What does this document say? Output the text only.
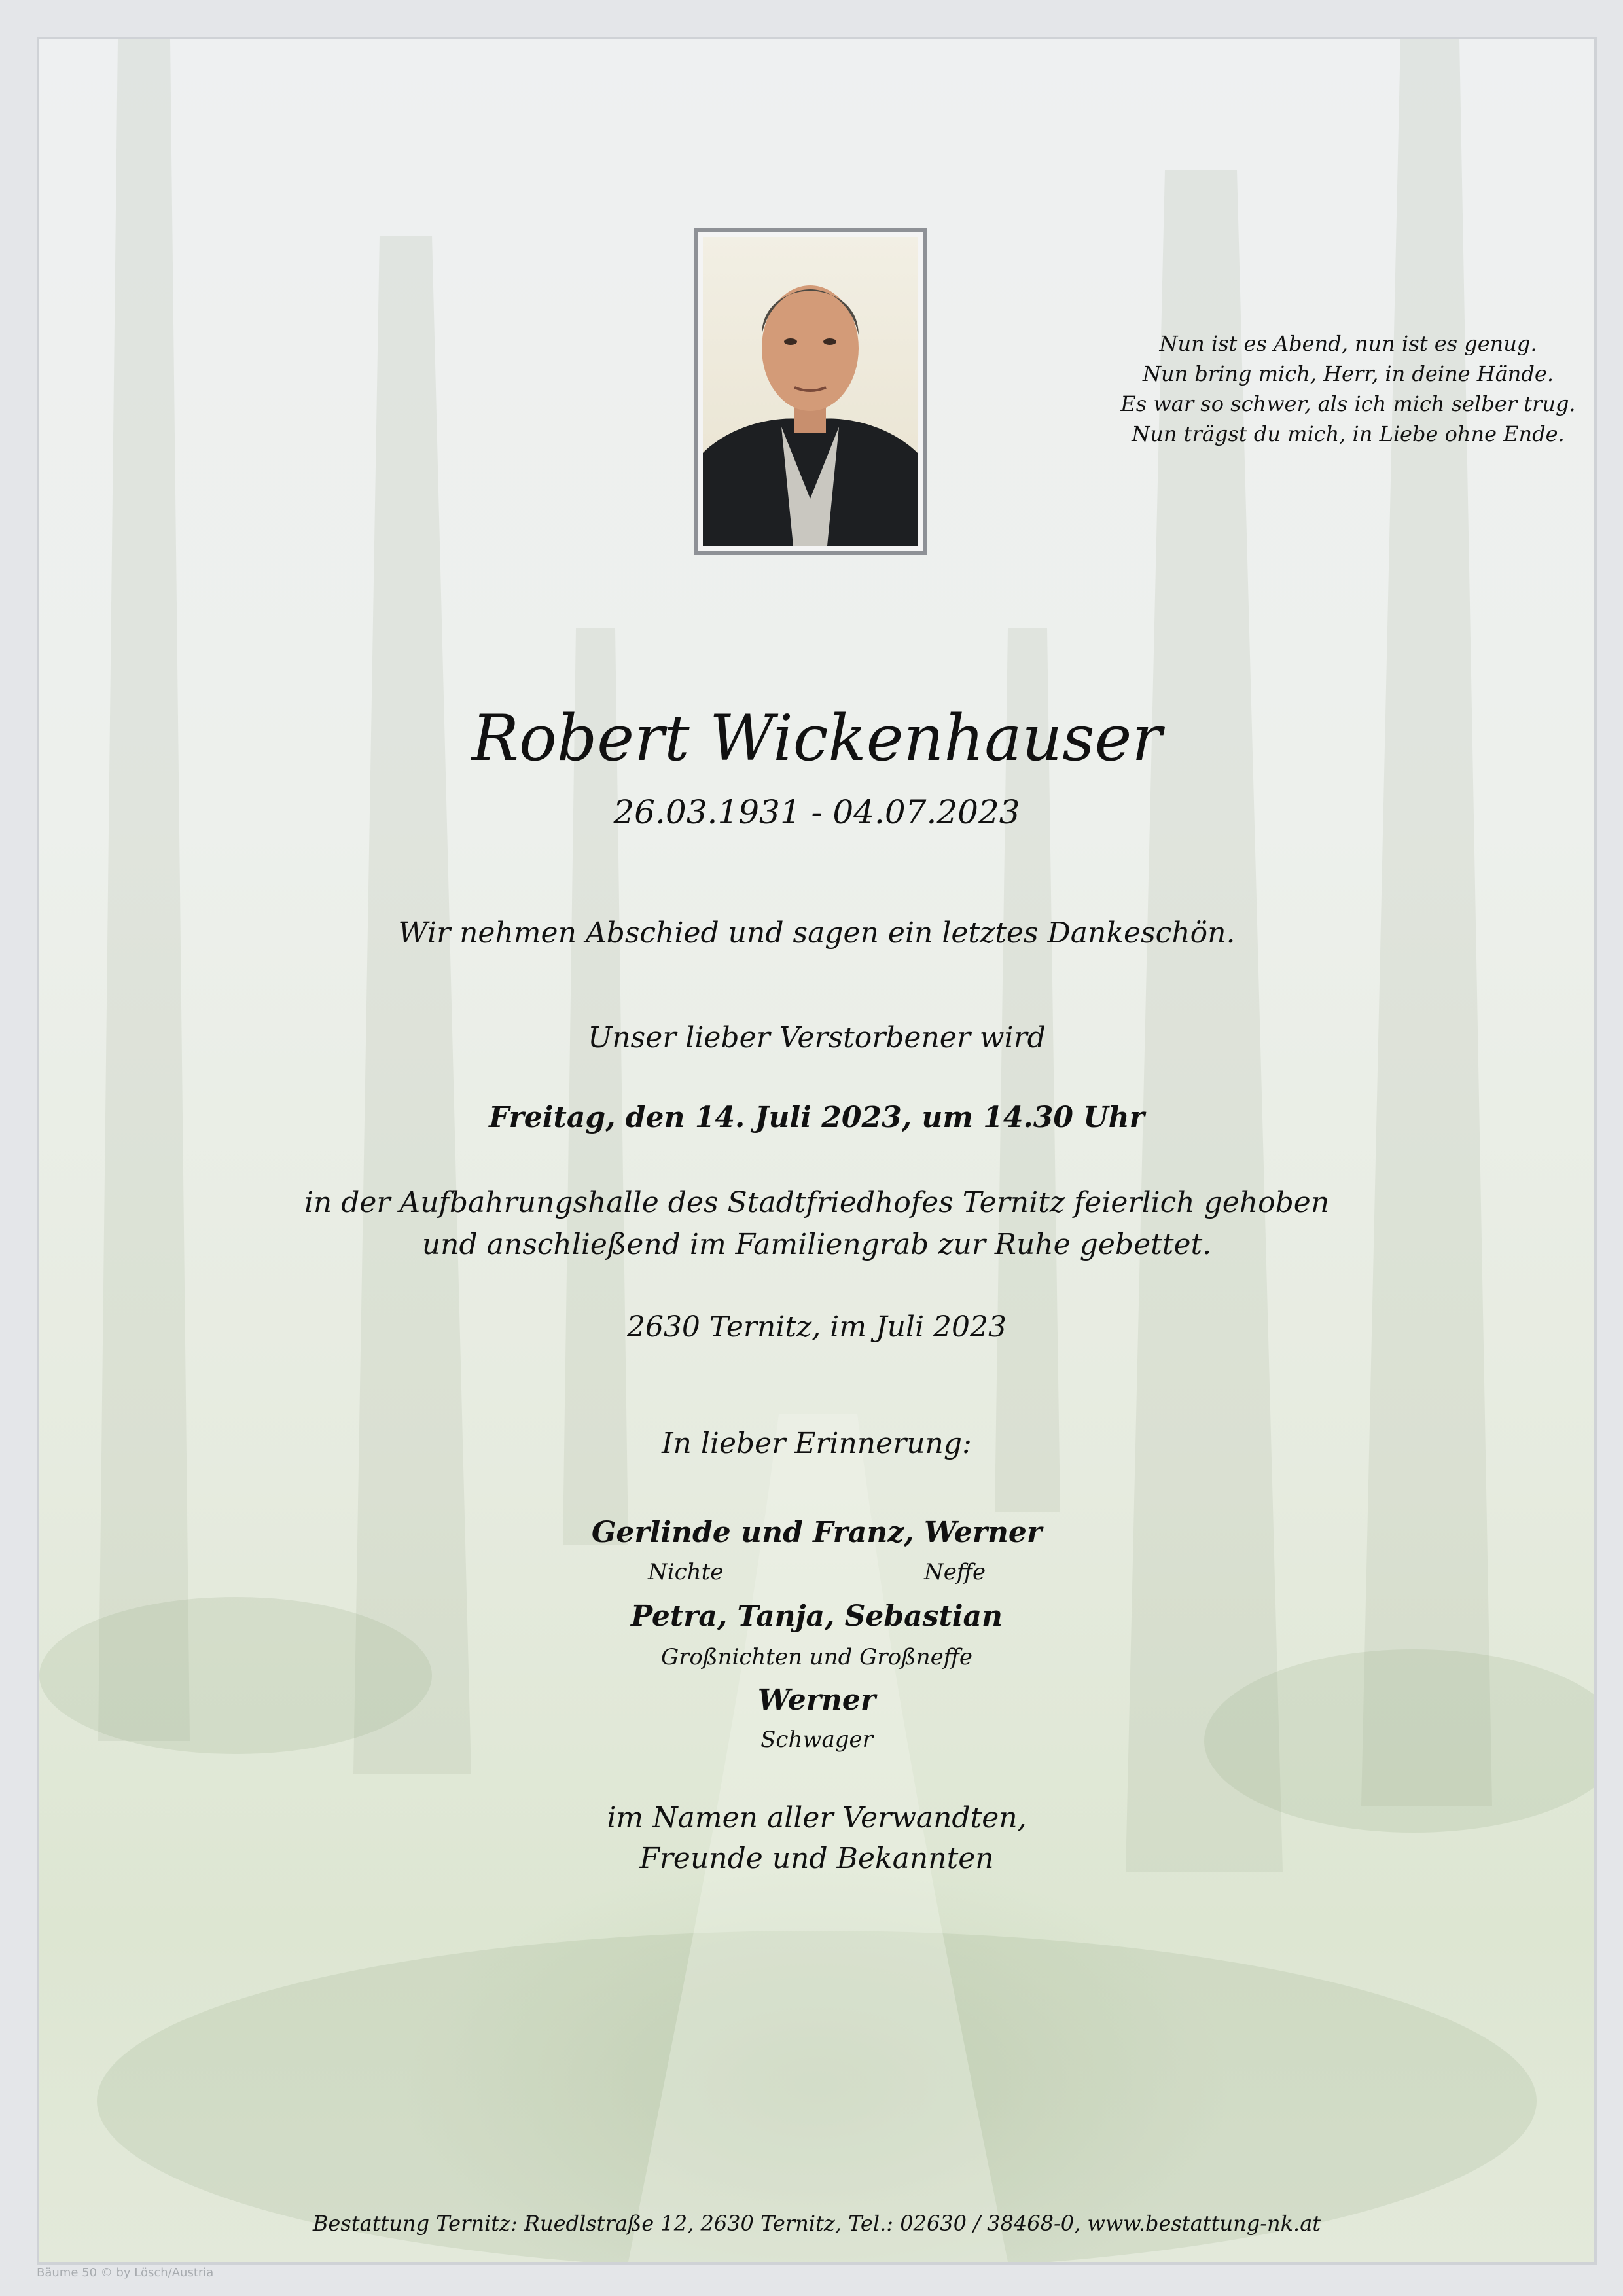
Nun ist es Abend, nun ist es genug.
Nun bring mich, Herr, in deine Hände.
Es war so schwer, als ich mich selber trug.
Nun trägst du mich, in Liebe ohne Ende.
Robert Wickenhauser
26.03.1931 - 04.07.2023
Wir nehmen Abschied und sagen ein letztes Dankeschön.
Unser lieber Verstorbener wird
Freitag, den 14. Juli 2023, um 14.30 Uhr
in der Aufbahrungshalle des Stadtfriedhofes Ternitz feierlich gehoben
und anschließend im Familiengrab zur Ruhe gebettet.
2630 Ternitz, im Juli 2023
In lieber Erinnerung:
Gerlinde und Franz, Werner
Nichte	Neffe
Petra, Tanja, Sebastian
Großnichten und Großneffe
Werner
Schwager
im Namen aller Verwandten,
Freunde und Bekannten
Bestattung Ternitz: Ruedlstraße 12, 2630 Ternitz, Tel.: 02630 / 38468-0, www.bestattung-nk.at
Bäume 50 © by Lösch/Austria
